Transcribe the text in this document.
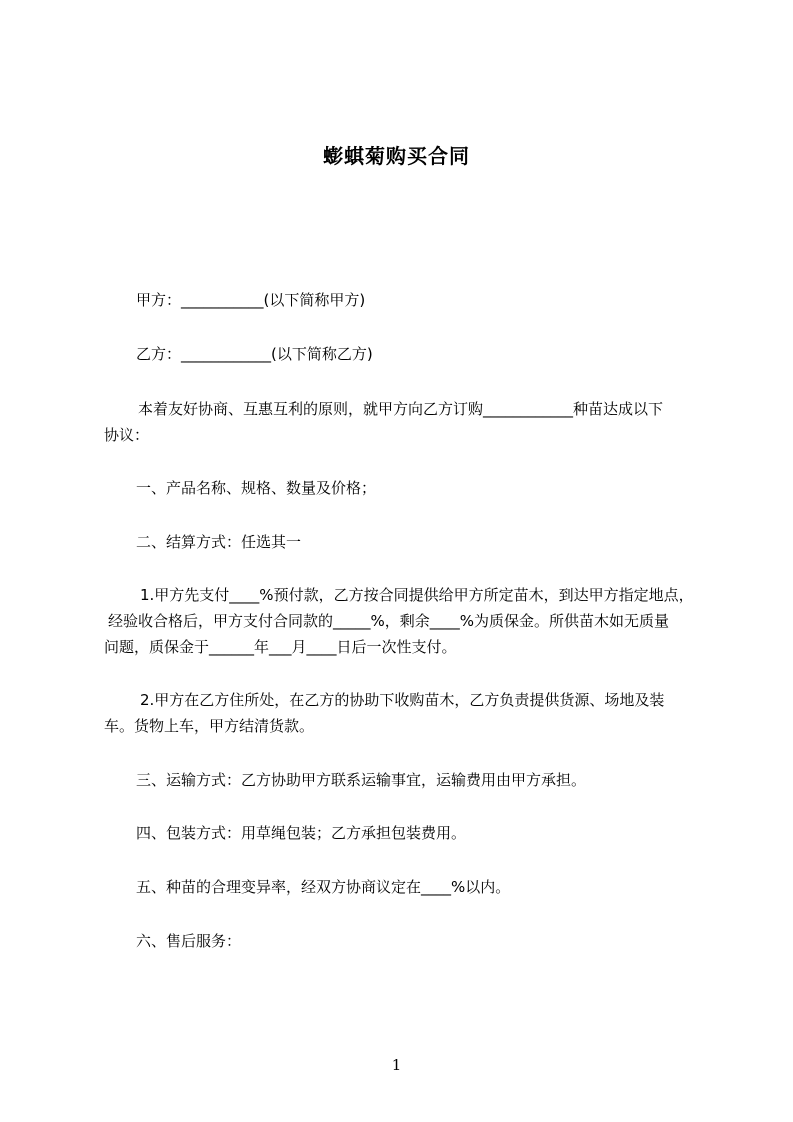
蟛蜞菊购买合同
甲方：___________(以下简称甲方)
乙方：____________(以下简称乙方)
本着友好协商、互惠互利的原则，就甲方向乙方订购____________种苗达成以下
协议：
一、产品名称、规格、数量及价格；
二、结算方式：任选其一
1.甲方先支付____%预付款，乙方按合同提供给甲方所定苗木，到达甲方指定地点，
经验收合格后，甲方支付合同款的_____%，剩余____%为质保金。所供苗木如无质量
问题，质保金于______年___月____日后一次性支付。
2.甲方在乙方住所处，在乙方的协助下收购苗木，乙方负责提供货源、场地及装
车。货物上车，甲方结清货款。
三、运输方式：乙方协助甲方联系运输事宜，运输费用由甲方承担。
四、包装方式：用草绳包装；乙方承担包装费用。
五、种苗的合理变异率，经双方协商议定在____%以内。
六、售后服务：
1
